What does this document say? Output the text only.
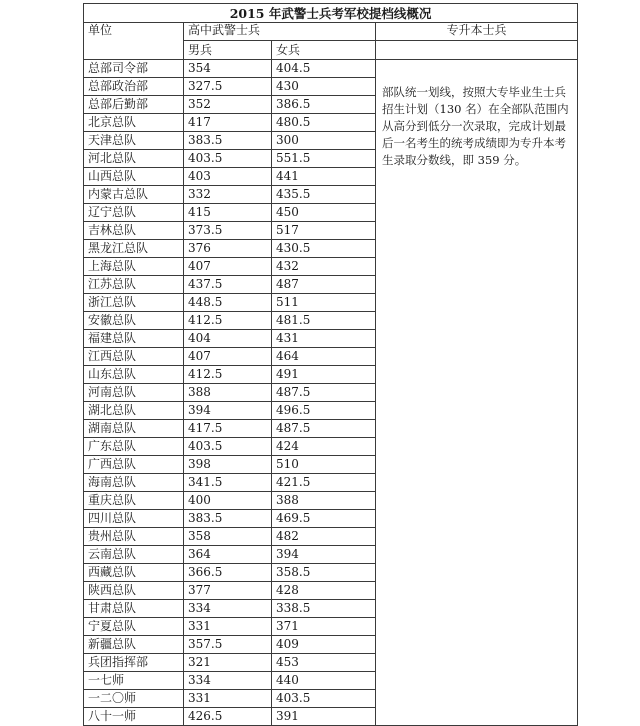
2015 年武警士兵考军校提档线概况			
单位	高中武警士兵		专升本士兵
	男兵	女兵	
总部司令部	354	404.5	部队统一划线，按照大专毕业生士兵招生计划（130 名）在全部队范围内从高分到低分一次录取，完成计划最后一名考生的统考成绩即为专升本考生录取分数线，即 359 分。
总部政治部	327.5	430	
总部后勤部	352	386.5	
北京总队	417	480.5	
天津总队	383.5	300	
河北总队	403.5	551.5	
山西总队	403	441	
内蒙古总队	332	435.5	
辽宁总队	415	450	
吉林总队	373.5	517	
黑龙江总队	376	430.5	
上海总队	407	432	
江苏总队	437.5	487	
浙江总队	448.5	511	
安徽总队	412.5	481.5	
福建总队	404	431	
江西总队	407	464	
山东总队	412.5	491	
河南总队	388	487.5	
湖北总队	394	496.5	
湖南总队	417.5	487.5	
广东总队	403.5	424	
广西总队	398	510	
海南总队	341.5	421.5	
重庆总队	400	388	
四川总队	383.5	469.5	
贵州总队	358	482	
云南总队	364	394	
西藏总队	366.5	358.5	
陕西总队	377	428	
甘肃总队	334	338.5	
宁夏总队	331	371	
新疆总队	357.5	409	
兵团指挥部	321	453	
一七师	334	440	
一二〇师	331	403.5	
八十一师	426.5	391	
